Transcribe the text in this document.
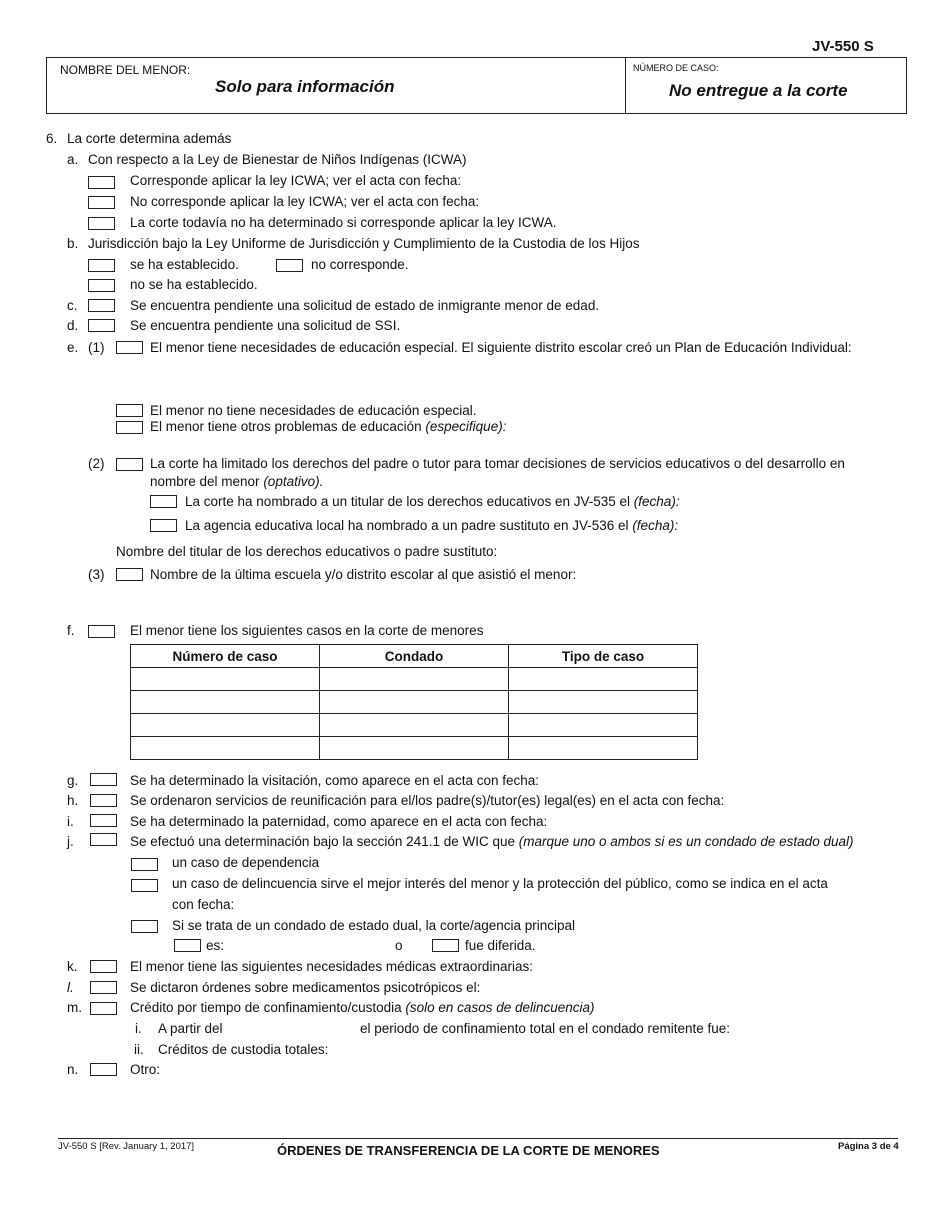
JV-550 S
NOMBRE DEL MENOR:
Solo para información
NÚMERO DE CASO:
No entregue a la corte
6. La corte determina además
a. Con respecto a la Ley de Bienestar de Niños Indígenas (ICWA)
Corresponde aplicar la ley ICWA; ver el acta con fecha:
No corresponde aplicar la ley ICWA; ver el acta con fecha:
La corte todavía no ha determinado si corresponde aplicar la ley ICWA.
b. Jurisdicción bajo la Ley Uniforme de Jurisdicción y Cumplimiento de la Custodia de los Hijos
se ha establecido.	no corresponde.
no se ha establecido.
c.	Se encuentra pendiente una solicitud de estado de inmigrante menor de edad.
d.	Se encuentra pendiente una solicitud de SSI.
e. (1)	El menor tiene necesidades de educación especial. El siguiente distrito escolar creó un Plan de Educación Individual:
El menor no tiene necesidades de educación especial.
El menor tiene otros problemas de educación (especifique):
(2)	La corte ha limitado los derechos del padre o tutor para tomar decisiones de servicios educativos o del desarrollo en
nombre del menor (optativo).
La corte ha nombrado a un titular de los derechos educativos en JV-535 el (fecha):
La agencia educativa local ha nombrado a un padre sustituto en JV-536 el (fecha):
Nombre del titular de los derechos educativos o padre sustituto:
(3)	Nombre de la última escuela y/o distrito escolar al que asistió el menor:
f.	El menor tiene los siguientes casos en la corte de menores
Número de caso	Condado	Tipo de caso

g.	Se ha determinado la visitación, como aparece en el acta con fecha:
h.	Se ordenaron servicios de reunificación para el/los padre(s)/tutor(es) legal(es) en el acta con fecha:
i.	Se ha determinado la paternidad, como aparece en el acta con fecha:
j.	Se efectuó una determinación bajo la sección 241.1 de WIC que (marque uno o ambos si es un condado de estado dual)
un caso de dependencia
un caso de delincuencia sirve el mejor interés del menor y la protección del público, como se indica en el acta
con fecha:
Si se trata de un condado de estado dual, la corte/agencia principal
es:	o	fue diferida.
k.	El menor tiene las siguientes necesidades médicas extraordinarias:
l.	Se dictaron órdenes sobre medicamentos psicotrópicos el:
m.	Crédito por tiempo de confinamiento/custodia (solo en casos de delincuencia)
i. A partir del	el periodo de confinamiento total en el condado remitente fue:
ii. Créditos de custodia totales:
n.	Otro:
JV-550 S [Rev. January 1, 2017]	ÓRDENES DE TRANSFERENCIA DE LA CORTE DE MENORES	Página 3 de 4
